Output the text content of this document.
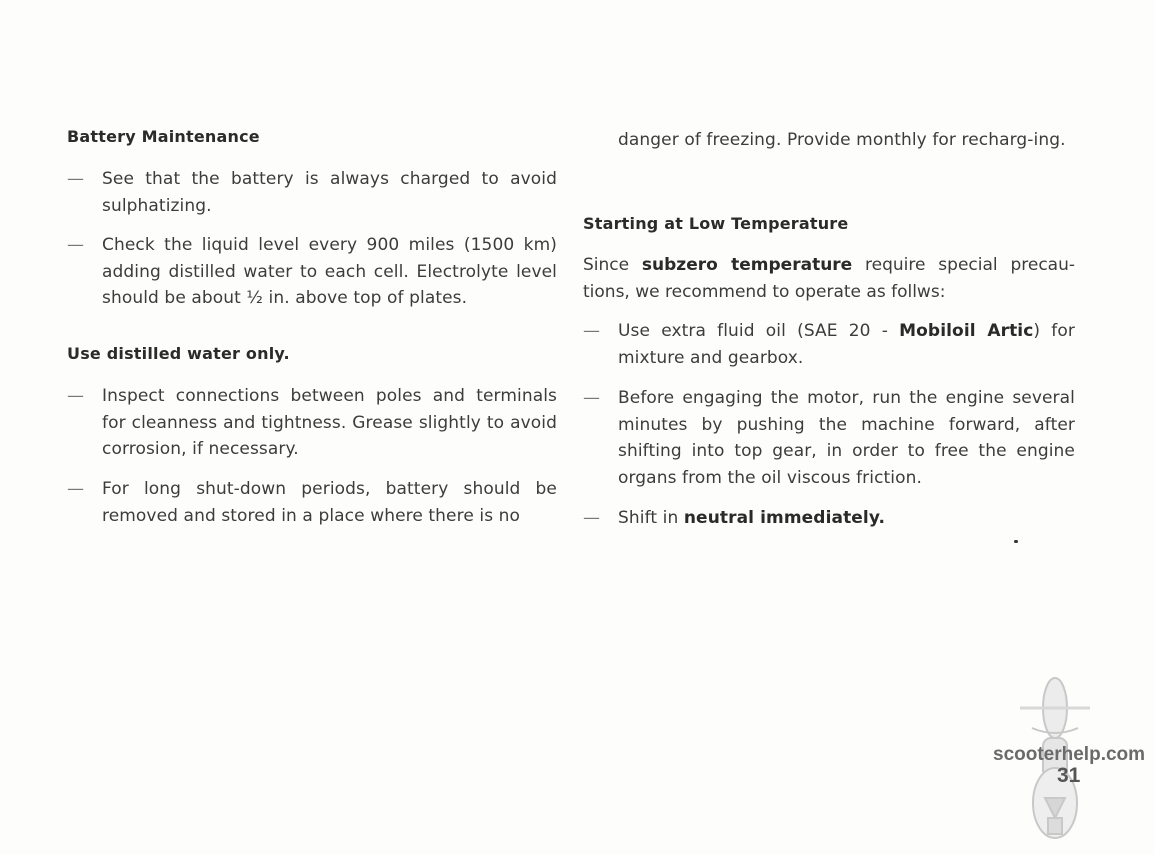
Battery Maintenance
— See that the battery is always charged to avoid sulphatizing.
— Check the liquid level every 900 miles (1500 km) adding distilled water to each cell. Electrolyte level should be about ½ in. above top of plates.
Use distilled water only.
— Inspect connections between poles and terminals for cleanness and tightness. Grease slightly to avoid corrosion, if necessary.
— For long shut-down periods, battery should be removed and stored in a place where there is no
danger of freezing. Provide monthly for recharg-ing.
Starting at Low Temperature
Since subzero temperature require special precau-tions, we recommend to operate as follws:
— Use extra fluid oil (SAE 20 - Mobiloil Artic) for mixture and gearbox.
— Before engaging the motor, run the engine several minutes by pushing the machine forward, after shifting into top gear, in order to free the engine organs from the oil viscous friction.
— Shift in neutral immediately.
scooterhelp.com
31
